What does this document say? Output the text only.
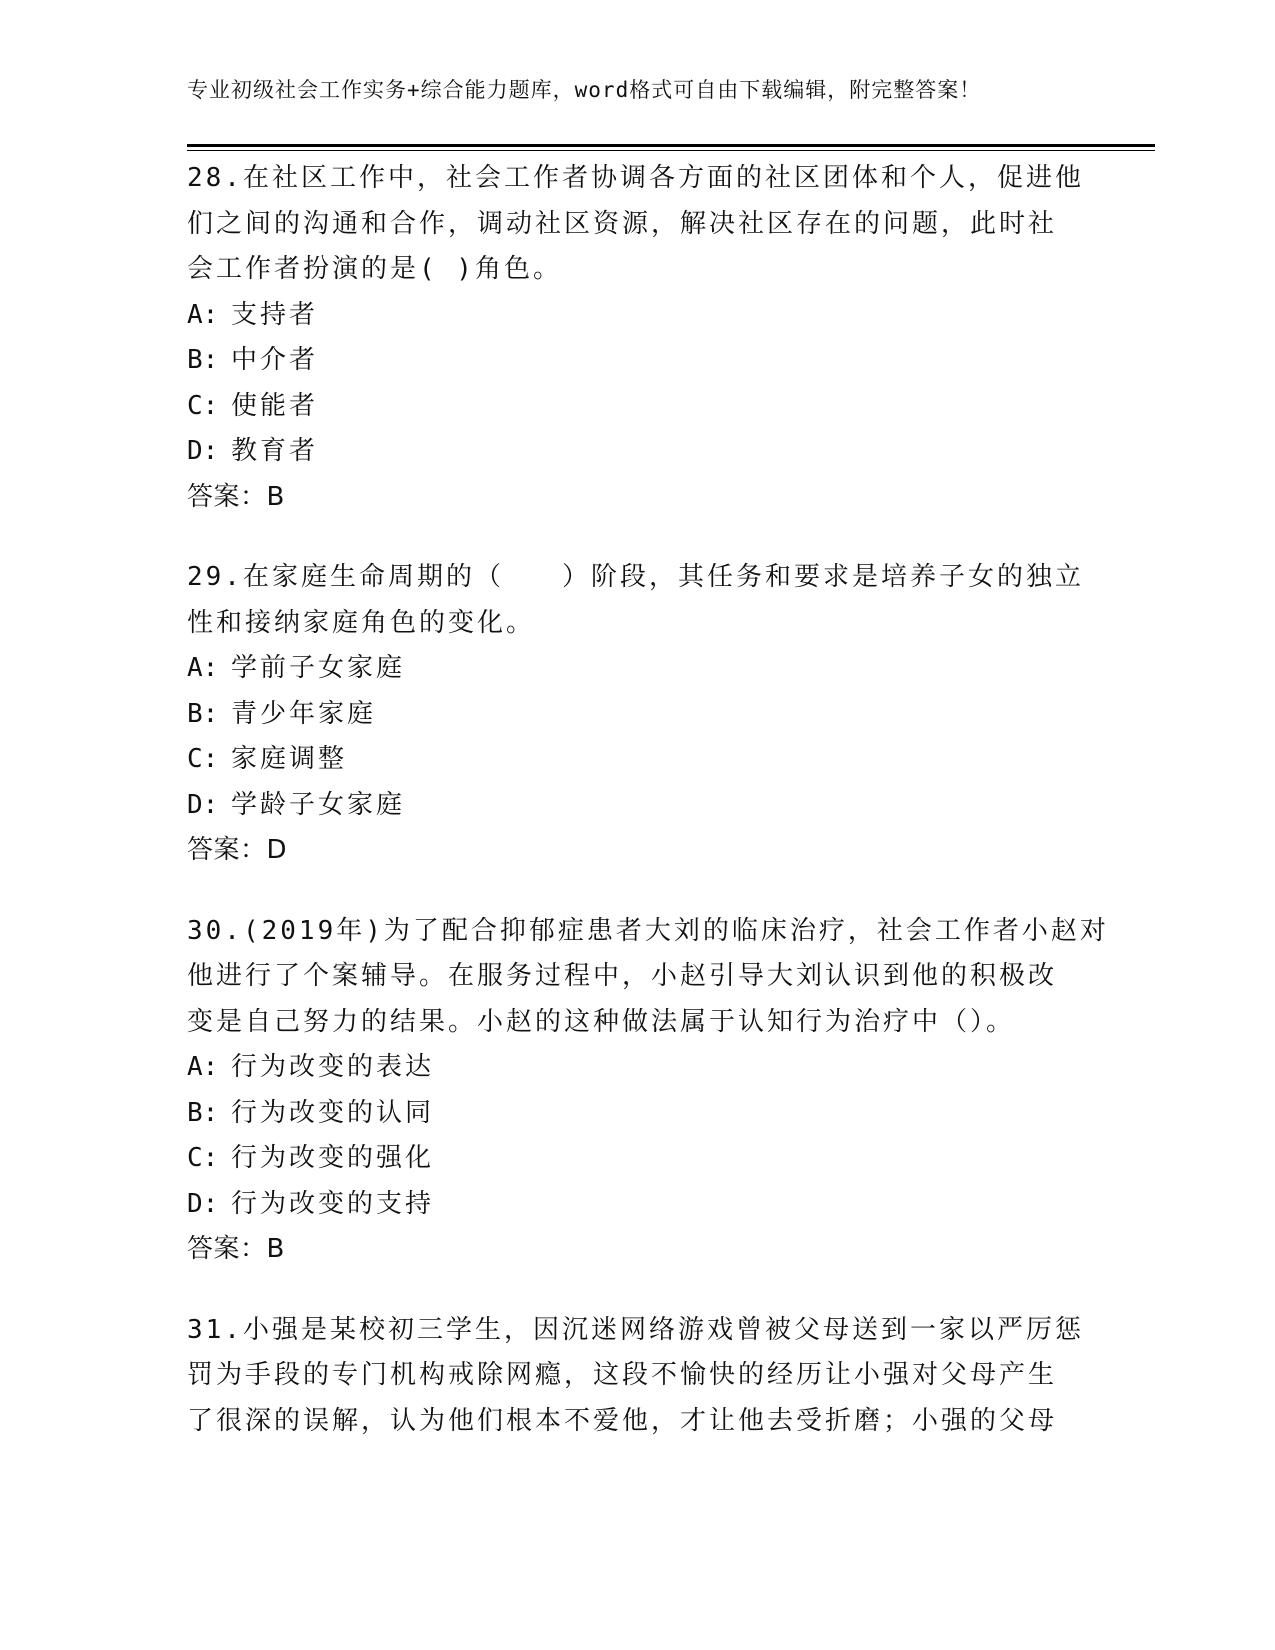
专业初级社会工作实务+综合能力题库，word格式可自由下载编辑，附完整答案！
28.在社区工作中，社会工作者协调各方面的社区团体和个人，促进他
们之间的沟通和合作，调动社区资源，解决社区存在的问题，此时社
会工作者扮演的是( )角色。
A: 支持者
B: 中介者
C: 使能者
D: 教育者
答案：B
29.在家庭生命周期的（　　）阶段，其任务和要求是培养子女的独立
性和接纳家庭角色的变化。
A: 学前子女家庭
B: 青少年家庭
C: 家庭调整
D: 学龄子女家庭
答案：D
30.(2019年)为了配合抑郁症患者大刘的临床治疗，社会工作者小赵对
他进行了个案辅导。在服务过程中，小赵引导大刘认识到他的积极改
变是自己努力的结果。小赵的这种做法属于认知行为治疗中（）。
A: 行为改变的表达
B: 行为改变的认同
C: 行为改变的强化
D: 行为改变的支持
答案：B
31.小强是某校初三学生，因沉迷网络游戏曾被父母送到一家以严厉惩
罚为手段的专门机构戒除网瘾，这段不愉快的经历让小强对父母产生
了很深的误解，认为他们根本不爱他，才让他去受折磨；小强的父母
